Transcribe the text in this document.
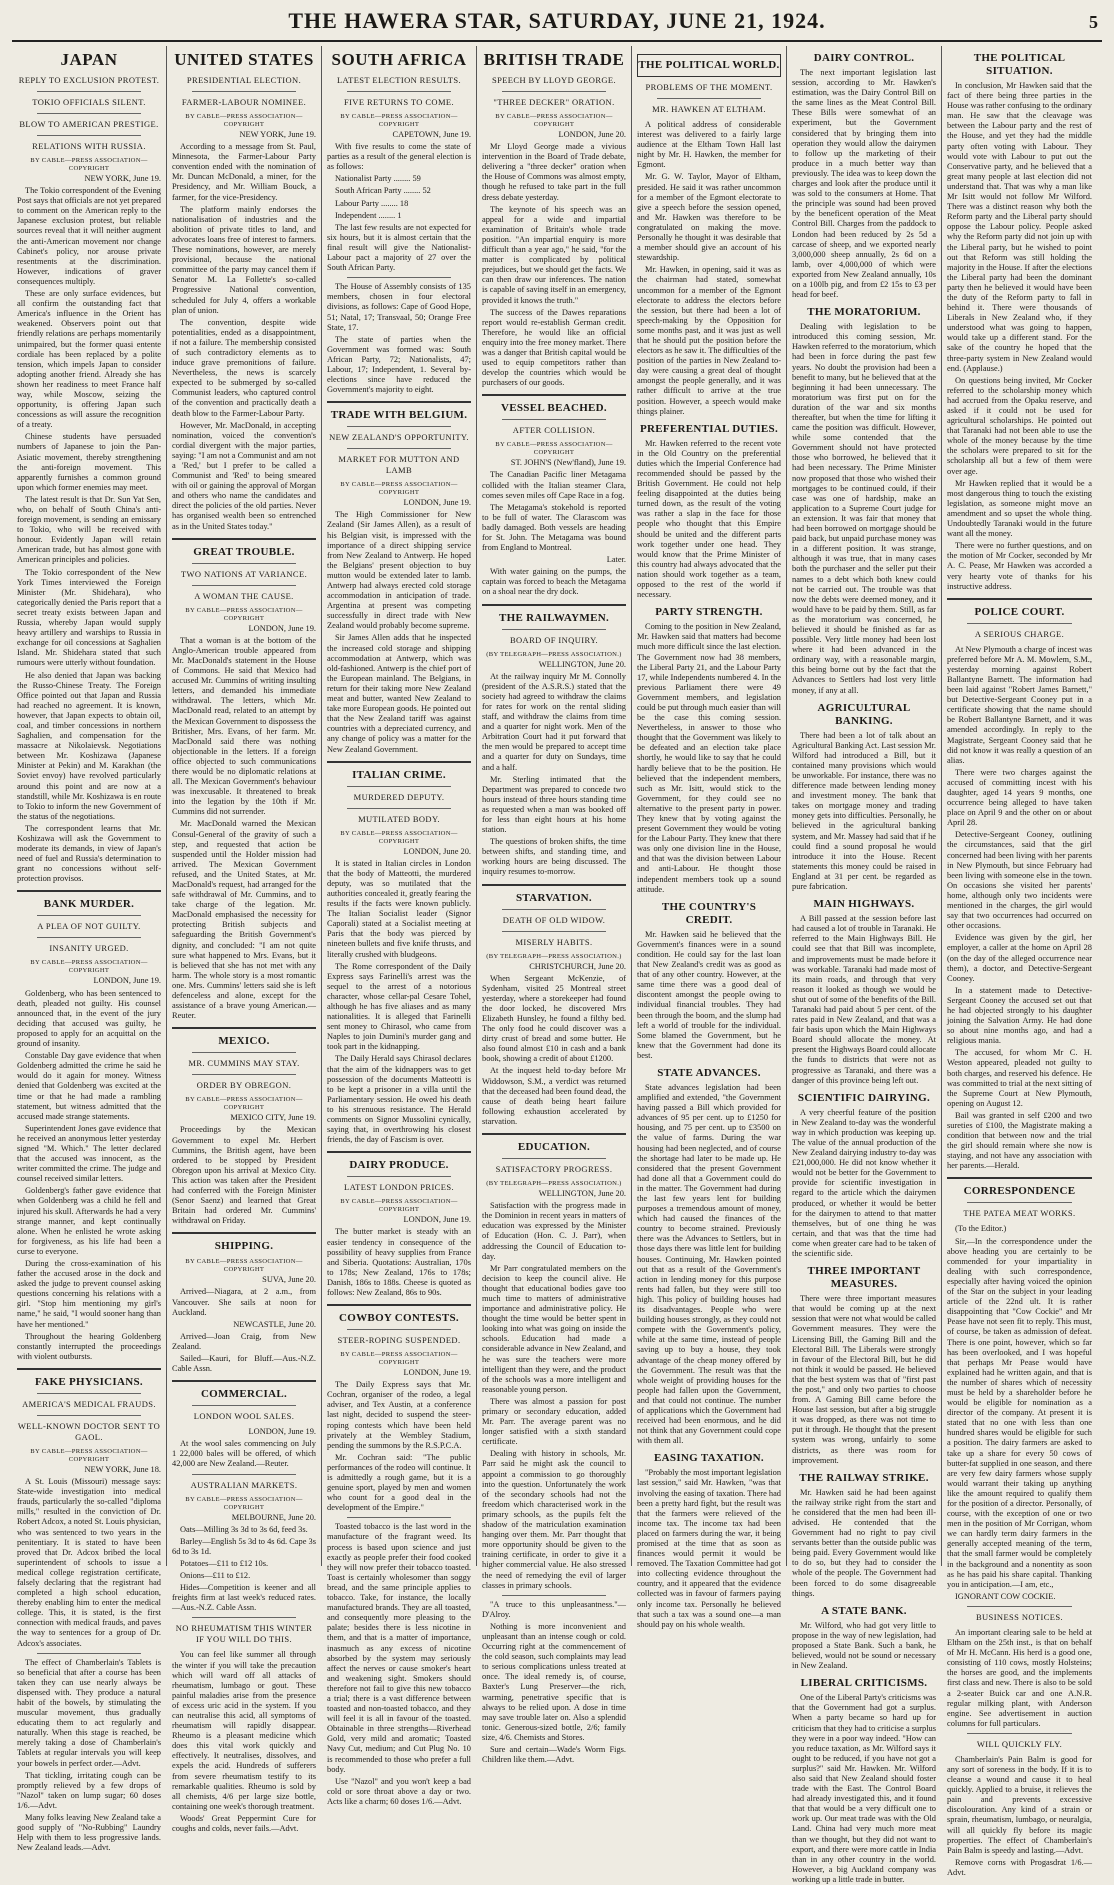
THE HAWERA STAR, SATURDAY, JUNE 21, 1924.	5
JAPAN
REPLY TO EXCLUSION PROTEST.
TOKIO OFFICIALS SILENT.
BLOW TO AMERICAN PRESTIGE.
RELATIONS WITH RUSSIA.
BY CABLE—PRESS ASSOCIATION—COPYRIGHT
NEW YORK, June 19.

The Tokio correspondent of the Evening Post says that officials are not yet prepared to comment on the American reply to the Japanese exclusion protest, but reliable sources reveal that it will neither augment the anti-American movement nor change Cabinet's policy, nor arouse private resentments at the discrimination. However, indications of graver consequences multiply.

These are only surface evidences, but all confirm the outstanding fact that America's influence in the Orient has weakened. Observers point out that friendly relations are perhaps momentarily unimpaired, but the former quasi entente cordiale has been replaced by a polite tension, which impels Japan to consider adopting another friend. Already she has shown her readiness to meet France half way, while Moscow, seizing the opportunity, is offering Japan such concessions as will assure the recognition of a treaty.

Chinese students have persuaded numbers of Japanese to join the Pan-Asiatic movement, thereby strengthening the anti-foreign movement. This apparently furnishes a common ground upon which former enemies may meet.

The latest result is that Dr. Sun Yat Sen, who, on behalf of South China's anti-foreign movement, is sending an emissary to Tokio, who will be received with honour. Evidently Japan will retain American trade, but has almost gone with American principles and policies.

The Tokio correspondent of the New York Times interviewed the Foreign Minister (Mr. Shidehara), who categorically denied the Paris report that a secret treaty exists between Japan and Russia, whereby Japan would supply heavy artillery and warships to Russia in exchange for oil concessions at Saghalien Island. Mr. Shidehara stated that such rumours were utterly without foundation.

He also denied that Japan was backing the Russo-Chinese Treaty. The Foreign Office pointed out that Japan and Russia had reached no agreement. It is known, however, that Japan expects to obtain oil, coal, and timber concessions in northern Saghalien, and compensation for the massacre at Nikolaievsk. Negotiations between Mr. Koshizawa (Japanese Minister at Pekin) and M. Karakhan (the Soviet envoy) have revolved particularly around this point and are now at a standstill, while Mr. Koshizawa is en route to Tokio to inform the new Government of the status of the negotiations.

The correspondent learns that Mr. Koshizawa will ask the Government to moderate its demands, in view of Japan's need of fuel and Russia's determination to grant no concessions without self-protection provisos.

BANK MURDER.
A PLEA OF NOT GUILTY.
INSANITY URGED.
BY CABLE—PRESS ASSOCIATION—COPYRIGHT
LONDON, June 19.

Goldenberg, who has been sentenced to death, pleaded not guilty. His counsel announced that, in the event of the jury deciding that accused was guilty, he proposed to apply for an acquittal on the ground of insanity.

Constable Day gave evidence that when Goldenberg admitted the crime he said he would do it again for money. Witness denied that Goldenberg was excited at the time or that he had made a rambling statement, but witness admitted that the accused made strange statements.

Superintendent Jones gave evidence that he received an anonymous letter yesterday signed "M. Which." The letter declared that the accused was innocent, as the writer committed the crime. The judge and counsel received similar letters.

Goldenberg's father gave evidence that when Goldenberg was a child he fell and injured his skull. Afterwards he had a very strange manner, and kept continually alone. When he enlisted he wrote asking for forgiveness, as his life had been a curse to everyone.

During the cross-examination of his father the accused arose in the dock and asked the judge to prevent counsel asking questions concerning his relations with a girl. "Stop him mentioning my girl's name," he said, "I would sooner hang than have her mentioned."

Throughout the hearing Goldenberg constantly interrupted the proceedings with violent outbursts.

FAKE PHYSICIANS.
AMERICA'S MEDICAL FRAUDS.
WELL-KNOWN DOCTOR SENT TO GAOL.
BY CABLE—PRESS ASSOCIATION—COPYRIGHT
NEW YORK, June 18.

A St. Louis (Missouri) message says: State-wide investigation into medical frauds, particularly the so-called "diploma mills," resulted in the conviction of Dr. Robert Adcox, a noted St. Louis physician, who was sentenced to two years in the penitentiary. It is stated to have been proved that Dr. Adcox bribed the local superintendent of schools to issue a medical college registration certificate, falsely declaring that the registrant had completed a high school education, thereby enabling him to enter the medical college. This, it is stated, is the first connection with medical frauds, and paves the way to sentences for a group of Dr. Adcox's associates.

The effect of Chamberlain's Tablets is so beneficial that after a course has been taken they can use nearly always be dispensed with. They produce a natural habit of the bowels, by stimulating the muscular movement, thus gradually educating them to act regularly and naturally. When this stage is reached, be merely taking a dose of Chamberlain's Tablets at regular intervals you will keep your bowels in perfect order.—Advt.

That tickling, irritating cough can be promptly relieved by a few drops of "Nazol" taken on lump sugar; 60 doses 1/6.—Advt.

Many folks leaving New Zealand take a good supply of "No-Rubbing" Laundry Help with them to less progressive lands. New Zealand leads.—Advt.

UNITED STATES
PRESIDENTIAL ELECTION.
FARMER-LABOUR NOMINEE.
BY CABLE—PRESS ASSOCIATION—COPYRIGHT
NEW YORK, June 19.

According to a message from St. Paul, Minnesota, the Farmer-Labour Party convention ended with the nomination of Mr. Duncan McDonald, a miner, for the Presidency, and Mr. William Bouck, a farmer, for the vice-Presidency.

The platform mainly endorses the nationalisation of industries and the abolition of private titles to land, and advocates loans free of interest to farmers. These nominations, however, are merely provisional, because the national committee of the party may cancel them if Senator M. La Follette's so-called Progressive National convention, scheduled for July 4, offers a workable plan of union.

The convention, despite wide potentialities, ended as a disappointment, if not a failure. The membership consisted of such contradictory elements as to induce grave premonitions of failure. Nevertheless, the news is scarcely expected to be submerged by so-called Communist leaders, who captured control of the convention and practically death a death blow to the Farmer-Labour Party.

However, Mr. MacDonald, in accepting nomination, voiced the convention's cordial divergent with the major parties, saying: "I am not a Communist and am not a 'Red,' but I prefer to be called a Communist and 'Red' to being smeared with oil or gaining the approval of Morgan and others who name the candidates and direct the policies of the old parties. Never has organised wealth been so entrenched as in the United States today."

GREAT TROUBLE.
TWO NATIONS AT VARIANCE.
A WOMAN THE CAUSE.
BY CABLE—PRESS ASSOCIATION—COPYRIGHT
LONDON, June 19.

That a woman is at the bottom of the Anglo-American trouble appeared from Mr. MacDonald's statement in the House of Commons. He said that Mexico had accused Mr. Cummins of writing insulting letters, and demanded his immediate withdrawal. The letters, which Mr. MacDonald read, related to an attempt by the Mexican Government to dispossess the Britisher, Mrs. Evans, of her farm. Mr. MacDonald said there was nothing objectionable in the letters. If a foreign office objected to such communications there would be no diplomatic relations at all. The Mexican Government's behaviour was inexcusable. It threatened to break into the legation by the 10th if Mr. Cummins did not surrender.

Mr. MacDonald warned the Mexican Consul-General of the gravity of such a step, and requested that action be suspended until the Holder mission had arrived. The Mexican Government refused, and the United States, at Mr. MacDonald's request, had arranged for the safe withdrawal of Mr. Cummins, and to take charge of the legation. Mr. MacDonald emphasised the necessity for protecting British subjects and safeguarding the British Government's dignity, and concluded: "I am not quite sure what happened to Mrs. Evans, but it is believed that she has not met with any harm. The whole story is a most romantic one. Mrs. Cummins' letters said she is left defenceless and alone, except for the assistance of a brave young American.—Reuter.

MEXICO.
MR. CUMMINS MAY STAY.
ORDER BY OBREGON.
BY CABLE—PRESS ASSOCIATION—COPYRIGHT
MEXICO CITY, June 19.

Proceedings by the Mexican Government to expel Mr. Herbert Cummins, the British agent, have been ordered to be stopped by President Obregon upon his arrival at Mexico City. This action was taken after the President had conferred with the Foreign Minister (Senor Saenz) and learned that Great Britain had ordered Mr. Cummins' withdrawal on Friday.

SHIPPING.
BY CABLE—PRESS ASSOCIATION—COPYRIGHT
SUVA, June 20.

Arrived—Niagara, at 2 a.m., from Vancouver. She sails at noon for Auckland.

NEWCASTLE, June 20.

Arrived—Joan Craig, from New Zealand.

Sailed—Kauri, for Bluff.—Aus.-N.Z. Cable Assn.

COMMERCIAL.
LONDON WOOL SALES.
LONDON, June 19.

At the wool sales commencing on July 1 22,000 bales will be offered, of which 42,000 are New Zealand.—Reuter.

AUSTRALIAN MARKETS.
BY CABLE—PRESS ASSOCIATION—COPYRIGHT
MELBOURNE, June 20.

Oats—Milling 3s 3d to 3s 6d, feed 3s.

Barley—English 5s 3d to 4s 6d. Cape 3s 6d to 3s 1d.

Potatoes—£11 to £12 10s.

Onions—£11 to £12.

Hides—Competition is keener and all freights firm at last week's reduced rates.—Aus.-N.Z. Cable Assn.

NO RHEUMATISM THIS WINTER IF YOU WILL DO THIS.

You can feel like summer all through the winter if you will take the precaution which will ward off all attacks of rheumatism, lumbago or gout. These painful maladies arise from the presence of excess uric acid in the system. If you can neutralise this acid, all symptoms of rheumatism will rapidly disappear. Rheumo is a pleasant medicine which does this vital work quickly and effectively. It neutralises, dissolves, and expels the acid. Hundreds of sufferers from severe rheumatism testify to its remarkable qualities. Rheumo is sold by all chemists, 4/6 per large size bottle, containing one week's thorough treatment.

Woods' Great Peppermint Cure for coughs and colds, never fails.—Advt.

SOUTH AFRICA
LATEST ELECTION RESULTS.
FIVE RETURNS TO COME.
BY CABLE—PRESS ASSOCIATION—COPYRIGHT
CAPETOWN, June 19.

With five results to come the state of parties as a result of the general election is as follows:

Nationalist Party ........ 59

South African Party ........ 52

Labour Party ........ 18

Independent ........ 1

The last few results are not expected for six hours, but it is almost certain that the final result will give the Nationalist-Labour pact a majority of 27 over the South African Party.

The House of Assembly consists of 135 members, chosen in four electoral divisions, as follows: Cape of Good Hope, 51; Natal, 17; Transvaal, 50; Orange Free State, 17.

The state of parties when the Government was formed was: South African Party, 72; Nationalists, 47; Labour, 17; Independent, 1. Several by-elections since have reduced the Government's majority to eight.

TRADE WITH BELGIUM.
NEW ZEALAND'S OPPORTUNITY.
MARKET FOR MUTTON AND LAMB
BY CABLE—PRESS ASSOCIATION—COPYRIGHT
LONDON, June 19.

The High Commissioner for New Zealand (Sir James Allen), as a result of his Belgian visit, is impressed with the importance of a direct shipping service from New Zealand to Antwerp. He hoped the Belgians' present objection to buy mutton would be extended later to lamb. Antwerp had always erected cold storage accommodation in anticipation of trade. Argentina at present was competing successfully in direct trade with New Zealand would probably become supreme.

Sir James Allen adds that he inspected the increased cold storage and shipping accommodation at Antwerp, which was old-fashioned. Antwerp is the chief port of the European mainland. The Belgians, in return for their taking more New Zealand meat and butter, wanted New Zealand to take more European goods. He pointed out that the New Zealand tariff was against countries with a depreciated currency, and any change of policy was a matter for the New Zealand Government.

ITALIAN CRIME.
MURDERED DEPUTY.
MUTILATED BODY.
BY CABLE—PRESS ASSOCIATION—COPYRIGHT
LONDON, June 20.

It is stated in Italian circles in London that the body of Matteotti, the murdered deputy, was so mutilated that the authorities concealed it, greatly fearing the results if the facts were known publicly. The Italian Socialist leader (Signor Caporali) stated at a Socialist meeting at Paris that the body was pierced by nineteen bullets and five knife thrusts, and literally crushed with bludgeons.

The Rome correspondent of the Daily Express says Farinelli's arrest was the sequel to the arrest of a notorious character, whose cellar-pal Cesare Tohel, although he has five aliases and as many nationalities. It is alleged that Farinelli sent money to Chirasol, who came from Naples to join Dumini's murder gang and took part in the kidnapping.

The Daily Herald says Chirasol declares that the aim of the kidnappers was to get possession of the documents Matteotti is to be kept a prisoner in a villa until the Parliamentary session. He owed his death to his strenuous resistance. The Herald comments on Signor Mussolini cynically, saying that, in overthrowing his closest friends, the day of Fascism is over.

DAIRY PRODUCE.
LATEST LONDON PRICES.
BY CABLE—PRESS ASSOCIATION—COPYRIGHT
LONDON, June 19.

The butter market is steady with an easier tendency in consequence of the possibility of heavy supplies from France and Siberia. Quotations: Australian, 170s to 178s; New Zealand, 176s to 178s; Danish, 186s to 188s. Cheese is quoted as follows: New Zealand, 86s to 90s.

COWBOY CONTESTS.
STEER-ROPING SUSPENDED.
BY CABLE—PRESS ASSOCIATION—COPYRIGHT
LONDON, June 19.

The Daily Express says that Mr. Cochran, organiser of the rodeo, a legal adviser, and Tex Austin, at a conference last night, decided to suspend the steer-roping contests which have been held privately at the Wembley Stadium, pending the summons by the R.S.P.C.A.

Mr. Cochran said: "The public performances of the rodeo will continue. It is admittedly a rough game, but it is a genuine sport, played by men and women who count for a good deal in the development of the Empire."

Toasted tobacco is the last word in the manufacture of the fragrant weed. Its process is based upon science and just exactly as people prefer their food cooked they will now prefer their tobacco toasted. Toast is certainly wholesomer than soggy bread, and the same principle applies to tobacco. Take, for instance, the locally manufactured brands. They are all toasted, and consequently more pleasing to the palate; besides there is less nicotine in them, and that is a matter of importance, inasmuch as any excess of nicotine absorbed by the system may seriously affect the nerves or cause smoker's heart and weakening sight. Smokers should therefore not fail to give this new tobacco a trial; there is a vast difference between toasted and non-toasted tobacco, and they will feel it is all in favour of the toasted. Obtainable in three strengths—Riverhead Gold, very mild and aromatic; Toasted Navy Cut, medium; and Cut Plug No. 10 is recommended to those who prefer a full body.

Use "Nazol" and you won't keep a bad cold or sore throat above a day or two. Acts like a charm; 60 doses 1/6.—Advt.

BRITISH TRADE
SPEECH BY LLOYD GEORGE.
"THREE DECKER" ORATION.
BY CABLE—PRESS ASSOCIATION—COPYRIGHT
LONDON, June 20.

Mr Lloyd George made a vivious intervention in the Board of Trade debate, delivering a "three decker" oration when the House of Commons was almost empty, though he refused to take part in the full dress debate yesterday.

The keynote of his speech was an appeal for a wide and impartial examination of Britain's whole trade position. "An impartial enquiry is more difficult than a year ago," he said, "for the matter is complicated by political prejudices, but we should get the facts. We can then draw our inferences. The nation is capable of saving itself in an emergency, provided it knows the truth."

The success of the Dawes reparations report would re-establish German credit. Therefore, he would like an official enquiry into the free money market. There was a danger that British capital would be used to equip competitors rather than develop the countries which would be purchasers of our goods.

VESSEL BEACHED.
AFTER COLLISION.
BY CABLE—PRESS ASSOCIATION—COPYRIGHT
ST. JOHN'S (New'fland), June 19.

The Canadian Pacific liner Metagama collided with the Italian steamer Clara, comes seven miles off Cape Race in a fog.

The Metagama's stokehold is reported to be full of water. The Clarascom was badly damaged. Both vessels are heading for St. John. The Metagama was bound from England to Montreal.

Later.

With water gaining on the pumps, the captain was forced to beach the Metagama on a shoal near the dry dock.

THE RAILWAYMEN.
BOARD OF INQUIRY.
(BY TELEGRAPH—PRESS ASSOCIATION.)
WELLINGTON, June 20.

At the railway inquiry Mr M. Connolly (president of the A.S.R.S.) stated that the society had agreed to withdraw the claims for rates for work on the rental sliding staff, and withdraw the claims from time and a quarter for night work. Men of the Arbitration Court had it put forward that the men would be prepared to accept time and a quarter for duty on Sundays, time and a half.

Mr. Sterling intimated that the Department was prepared to concede two hours instead of three hours standing time as requested when a man was booked off for less than eight hours at his home station.

The questions of broken shifts, the time between shifts, and standing time, and working hours are being discussed. The inquiry resumes to-morrow.

STARVATION.
DEATH OF OLD WIDOW.
MISERLY HABITS.
(BY TELEGRAPH—PRESS ASSOCIATION.)
CHRISTCHURCH, June 20.

When Sergeant McKenzie, of Sydenham, visited 25 Montreal street yesterday, where a storekeeper had found the door locked, he discovered Mrs Elizabeth Hunsley, he found a filthy bed. The only food he could discover was a dirty crust of bread and some butter. He also found almost £10 in cash and a bank book, showing a credit of about £1200.

At the inquest held to-day before Mr Widdowson, S.M., a verdict was returned that the deceased had been found dead, the cause of death being heart failure following exhaustion accelerated by starvation.

EDUCATION.
SATISFACTORY PROGRESS.
(BY TELEGRAPH—PRESS ASSOCIATION.)
WELLINGTON, June 20.

Satisfaction with the progress made in the Dominion in recent years in matters of education was expressed by the Minister of Education (Hon. C. J. Parr), when addressing the Council of Education to-day.

Mr Parr congratulated members on the decision to keep the council alive. He thought that educational bodies gave too much time to matters of administrative importance and administrative policy. He thought the time would be better spent in looking into what was going on inside the schools. Education had made a considerable advance in New Zealand, and he was sure the teachers were more intelligent than they were, and the product of the schools was a more intelligent and reasonable young person.

There was almost a passion for post primary or secondary education, added Mr. Parr. The average parent was no longer satisfied with a sixth standard certificate.

Dealing with history in schools, Mr. Parr said he might ask the council to appoint a commission to go thoroughly into the question. Unfortunately the work of the secondary schools had not the freedom which characterised work in the primary schools, as the pupils felt the shadow of the matriculation examination hanging over them. Mr. Parr thought that more opportunity should be given to the training certificate, in order to give it a higher commercial value. He also stressed the need of remedying the evil of larger classes in primary schools.

"A truce to this unpleasantness."—D'Alroy.

Nothing is more inconvenient and unpleasant than an intense cough or cold. Occurring right at the commencement of the cold season, such complaints may lead to serious complications unless treated at once. The ideal remedy is, of course, Baxter's Lung Preserver—the rich, warming, penetrative specific that is always to be relied upon. A dose in time may save trouble later on. Also a splendid tonic. Generous-sized bottle, 2/6; family size, 4/6. Chemists and Stores.

Sure and certain—Wade's Worm Figs. Children like them.—Advt.

THE POLITICAL WORLD.
PROBLEMS OF THE MOMENT.
MR. HAWKEN AT ELTHAM.

A political address of considerable interest was delivered to a fairly large audience at the Eltham Town Hall last night by Mr. H. Hawken, the member for Egmont.

Mr. G. W. Taylor, Mayor of Eltham, presided. He said it was rather uncommon for a member of the Egmont electorate to give a speech before the session opened, and Mr. Hawken was therefore to be congratulated on making the move. Personally he thought it was desirable that a member should give an account of his stewardship.

Mr. Hawken, in opening, said it was as the chairman had stated, somewhat uncommon for a member of the Egmont electorate to address the electors before the session, but there had been a lot of speech-making by the Opposition for some months past, and it was just as well that he should put the position before the electors as he saw it. The difficulties of the position of the parties in New Zealand to-day were causing a great deal of thought amongst the people generally, and it was rather difficult to arrive at the true position. However, a speech would make things plainer.

PREFERENTIAL DUTIES.

Mr. Hawken referred to the recent vote in the Old Country on the preferential duties which the Imperial Conference had recommended should be passed by the British Government. He could not help feeling disappointed at the duties being turned down, as the result of the voting was rather a slap in the face for those people who thought that this Empire should be united and the different parts work together under one head. They would know that the Prime Minister of this country had always advocated that the nation should work together as a team, opposed to the rest of the world if necessary.

PARTY STRENGTH.

Coming to the position in New Zealand, Mr. Hawken said that matters had become much more difficult since the last election. The Government now had 38 members, the Liberal Party 21, and the Labour Party 17, while Independents numbered 4. In the previous Parliament there were 49 Government members, and legislation could be put through much easier than will be the case this coming session. Nevertheless, in answer to those who thought that the Government was likely to be defeated and an election take place shortly, he would like to say that he could hardly believe that to be the position. He believed that the independent members, such as Mr. Isitt, would stick to the Government, for they could see no alternative to the present party in power. They knew that by voting against the present Government they would be voting for the Labour Party. They knew that there was only one division line in the House, and that was the division between Labour and anti-Labour. He thought those independent members took up a sound attitude.

THE COUNTRY'S CREDIT.

Mr. Hawken said he believed that the Government's finances were in a sound condition. He could say for the last loan that New Zealand's credit was as good as that of any other country. However, at the same time there was a good deal of discontent amongst the people owing to individual financial troubles. They had been through the boom, and the slump had left a world of trouble for the individual. Some blamed the Government, but he knew that the Government had done its best.

STATE ADVANCES.

State advances legislation had been amplified and extended, "the Government having passed a Bill which provided for advances of 95 per cent. up to £1250 for housing, and 75 per cent. up to £3500 on the value of farms. During the war housing had been neglected, and of course the shortage had later to be made up. He considered that the present Government had done all that a Government could do in the matter. The Government had during the last few years lent for building purposes a tremendous amount of money, which had caused the finances of the country to become strained. Previously there was the Advances to Settlers, but in those days there was little lent for building houses. Continuing, Mr. Hawken pointed out that as a result of the Government's action in lending money for this purpose rents had fallen, but they were still too high. This policy of building houses had its disadvantages. People who were building houses strongly, as they could not compete with the Government's policy, while at the same time, instead of people saving up to buy a house, they took advantage of the cheap money offered by the Government. The result was that the whole weight of providing houses for the people had fallen upon the Government, and that could not continue. The number of applications which the Government had received had been enormous, and he did not think that any Government could cope with them all.

EASING TAXATION.

"Probably the most important legislation last session," said Mr. Hawken, "was that involving the easing of taxation. There had been a pretty hard fight, but the result was that the farmers were relieved of the income tax. The income tax had been placed on farmers during the war, it being promised at the time that as soon as finances would permit it would be removed. The Taxation Committee had got into collecting evidence throughout the country, and it appeared that the evidence collected was in favour of farmers paying only income tax. Personally he believed that such a tax was a sound one—a man should pay on his whole wealth.

DAIRY CONTROL.

The next important legislation last session, according to Mr. Hawken's estimation, was the Dairy Control Bill on the same lines as the Meat Control Bill. These Bills were somewhat of an experiment, but the Government considered that by bringing them into operation they would allow the dairymen to follow up the marketing of their produce in a much better way than previously. The idea was to keep down the charges and look after the produce until it was sold to the consumers at Home. That the principle was sound had been proved by the beneficent operation of the Meat Control Bill. Charges from the paddock to London had been reduced by 2s 5d a carcase of sheep, and we exported nearly 3,000,000 sheep annually, 2s 6d on a lamb, over 4,000,000 of which were exported from New Zealand annually, 10s on a 100lb pig, and from £2 15s to £3 per head for beef.

THE MORATORIUM.

Dealing with legislation to be introduced this coming session, Mr. Hawken referred to the moratorium, which had been in force during the past few years. No doubt the provision had been a benefit to many, but he believed that at the beginning it had been unnecessary. The moratorium was first put on for the duration of the war and six months thereafter, but when the time for lifting it came the position was difficult. However, while some contended that the Government should not have protected those who borrowed, he believed that it had been necessary. The Prime Minister now proposed that those who wished their mortgages to be continued could, if their case was one of hardship, make an application to a Supreme Court judge for an extension. It was fair that money that had been borrowed on mortgage should be paid back, but unpaid purchase money was in a different position. It was strange, although it was true, that in many cases both the purchaser and the seller put their names to a debt which both knew could not be carried out. The trouble was that now the debts were deemed money, and it would have to be paid by them. Still, as far as the moratorium was concerned, he believed it should be finished as far as possible. Very little money had been lost where it had been advanced in the ordinary way, with a reasonable margin, this being borne out by the fact that the Advances to Settlers had lost very little money, if any at all.

AGRICULTURAL BANKING.

There had been a lot of talk about an Agricultural Banking Act. Last session Mr. Wilford had introduced a Bill, but it contained many provisions which would be unworkable. For instance, there was no difference made between lending money and investment money. The bank that takes on mortgage money and trading money gets into difficulties. Personally, he believed in the agricultural banking system, and Mr. Massey had said that if he could find a sound proposal he would introduce it into the House. Recent statements this money could be raised in England at 31 per cent. be regarded as pure fabrication.

MAIN HIGHWAYS.

A Bill passed at the session before last had caused a lot of trouble in Taranaki. He referred to the Main Highways Bill. He could see that that Bill was incomplete, and improvements must be made before it was workable. Taranaki had made most of its main roads, and through that very reason it looked as though we would be shut out of some of the benefits of the Bill. Taranaki had paid about 5 per cent. of the rates paid in New Zealand, and that was a fair basis upon which the Main Highways Board should allocate the money. At present the Highways Board could allocate the funds to districts that were not as progressive as Taranaki, and there was a danger of this province being left out.

SCIENTIFIC DAIRYING.

A very cheerful feature of the position in New Zealand to-day was the wonderful way in which production was keeping up. The value of the annual production of the New Zealand dairying industry to-day was £21,000,000. He did not know whether it would not be better for the Government to provide for scientific investigation in regard to the article which the dairymen produced, or whether it would be better for the dairymen to attend to that matter themselves, but of one thing he was certain, and that was that the time had come when greater care had to be taken of the scientific side.

THREE IMPORTANT MEASURES.

There were three important measures that would be coming up at the next session that were not what would be called Government measures. They were the Licensing Bill, the Gaming Bill and the Electoral Bill. The Liberals were strongly in favour of the Electoral Bill, but he did not think it would be passed. He believed that the best system was that of "first past the post," and only two parties to choose from. A Gaming Bill came before the House last session, but after a big struggle it was dropped, as there was not time to put it through. He thought that the present system was wrong, unfairly to some districts, as there was room for improvement.

THE RAILWAY STRIKE.

Mr. Hawken said he had been against the railway strike right from the start and he considered that the men had been ill-advised. He contended that the Government had no right to pay civil servants better than the outside public was being paid. Every Government would like to do so, but they had to consider the whole of the people. The Government had been forced to do some disagreeable things.

A STATE BANK.

Mr. Wilford, who had got very little to propose in the way of new legislation, had proposed a State Bank. Such a bank, he believed, would not be sound or necessary in New Zealand.

LIBERAL CRITICISMS.

One of the Liberal Party's criticisms was that the Government had got a surplus. When a party became so hard up for criticism that they had to criticise a surplus they were in a poor way indeed. "How can you reduce taxation, as Mr. Wilford says it ought to be reduced, if you have not got a surplus?" said Mr. Hawken. Mr. Wilford also said that New Zealand should foster trade with the East. The Control Board had already investigated this, and it found that that would be a very difficult one to work up. Our meat trade was with the Old Land. China had very much more meat than we thought, but they did not want to export, and there were more cattle in India than in any other country in the world. However, a big Auckland company was working up a little trade in butter.

THE POLITICAL SITUATION.

In conclusion, Mr Hawken said that the fact of there being three parties in the House was rather confusing to the ordinary man. He saw that the cleavage was between the Labour party and the rest of the House, and yet they had the middle party often voting with Labour. They would vote with Labour to put out the Conservative party, and he believed that a great many people at last election did not understand that. That was why a man like Mr Isitt would not follow Mr Wilford. There was a distinct reason why both the Reform party and the Liberal party should oppose the Labour policy. People asked why the Reform party did not join up with the Liberal party, but he wished to point out that Reform was still holding the majority in the House. If after the elections the Liberal party had been the dominant party then he believed it would have been the duty of the Reform party to fall in behind it. There were thousands of Liberals in New Zealand who, if they understood what was going to happen, would take up a different stand. For the sake of the country he hoped that the three-party system in New Zealand would end. (Applause.)

On questions being invited, Mr Cocker referred to the scholarship money which had accrued from the Opaku reserve, and asked if it could not be used for agricultural scholarships. He pointed out that Taranaki had not been able to use the whole of the money because by the time the scholars were prepared to sit for the scholarship all but a few of them were over age.

Mr Hawken replied that it would be a most dangerous thing to touch the existing legislation, as someone might move an amendment and so upset the whole thing. Undoubtedly Taranaki would in the future want all the money.

There were no further questions, and on the motion of Mr Cocker, seconded by Mr A. C. Pease, Mr Hawken was accorded a very hearty vote of thanks for his instructive address.

POLICE COURT.
A SERIOUS CHARGE.

At New Plymouth a charge of incest was preferred before Mr A. M. Mowlem, S.M., yesterday morning against Robert Ballantyne Barnett. The information had been laid against "Robert James Barnett," but Detective-Sergeant Cooney put in a certificate showing that the name should be Robert Ballantyne Barnett, and it was amended accordingly. In reply to the Magistrate, Sergeant Cooney said that he did not know it was really a question of an alias.

There were two charges against the accused of committing incest with his daughter, aged 14 years 9 months, one occurrence being alleged to have taken place on April 9 and the other on or about April 28.

Detective-Sergeant Cooney, outlining the circumstances, said that the girl concerned had been living with her parents in New Plymouth, but since February had been living with someone else in the town. On occasions she visited her parents' home, although only two incidents were mentioned in the charges, the girl would say that two occurrences had occurred on other occasions.

Evidence was given by the girl, her employer, a caller at the home on April 28 (on the day of the alleged occurrence near them), a doctor, and Detective-Sergeant Cooney.

In a statement made to Detective-Sergeant Cooney the accused set out that he had objected strongly to his daughter joining the Salvation Army. He had done so about nine months ago, and had a religious mania.

The accused, for whom Mr C. H. Weston appeared, pleaded not guilty to both charges, and reserved his defence. He was committed to trial at the next sitting of the Supreme Court at New Plymouth, opening on August 12.

Bail was granted in self £200 and two sureties of £100, the Magistrate making a condition that between now and the trial the girl should remain where she now is staying, and not have any association with her parents.—Herald.

CORRESPONDENCE
THE PATEA MEAT WORKS.

(To the Editor.)

Sir,—In the correspondence under the above heading you are certainly to be commended for your impartiality in dealing with such correspondence, especially after having voiced the opinion of the Star on the subject in your leading article of the 22nd ult. It is rather disappointing that "Cow Cockie" and Mr Pease have not seen fit to reply. This must, of course, be taken as admission of defeat. There is one point, however, which so far has been overlooked, and I was hopeful that perhaps Mr Pease would have explained had he written again, and that is the number of shares which of necessity must be held by a shareholder before he would be eligible for nomination as a director of the company. At present it is stated that no one with less than one hundred shares would be eligible for such a position. The dairy farmers are asked to take up a share for every 50 cows of butter-fat supplied in one season, and there are very few dairy farmers whose supply would warrant their taking up anything like the amount required to qualify them for the position of a director. Personally, of course, with the exception of one or two men in the position of Mr Corrigan, whom we can hardly term dairy farmers in the generally accepted meaning of the term, that the small farmer would be completely in the background and a nonentity as soon as he has paid his share capital. Thanking you in anticipation.—I am, etc.,

IGNORANT COW COCKIE.

BUSINESS NOTICES.

An important clearing sale to be held at Eltham on the 25th inst., is that on behalf of Mr H. McCann. His herd is a good one, consisting of 110 cows, mostly Holsteins; the horses are good, and the implements first class and new. There is also to be sold a 2-seater Buick car and one A.N.R. regular milking plant, with Anderson engine. See advertisement in auction columns for full particulars.

WILL QUICKLY FLY.

Chamberlain's Pain Balm is good for any sort of soreness in the body. If it is to cleanse a wound and cause it to heal quickly. Applied to a bruise, it relieves the pain and prevents excessive discolouration. Any kind of a strain or sprain, rheumatism, lumbago, or neuralgia, will all quickly fly before its magic properties. The effect of Chamberlain's Pain Balm is speedy and lasting.—Advt.

Remove corns with Progasdrat 1/6.—Advt.
